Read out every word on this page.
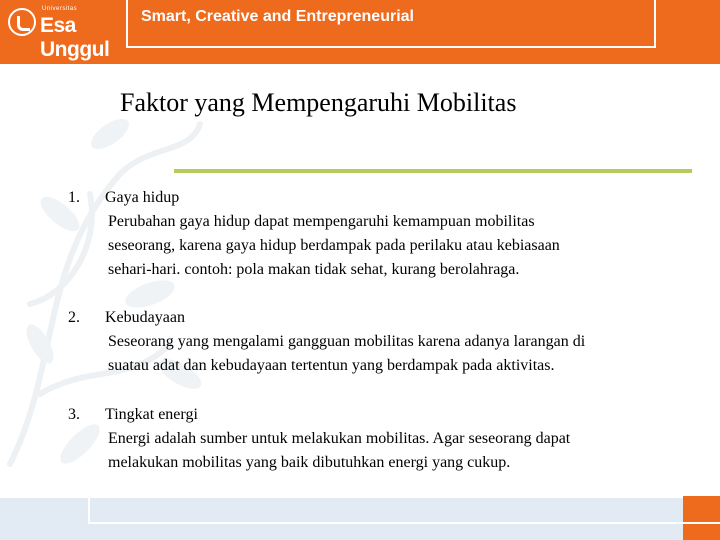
Universitas
Esa Unggul
Smart, Creative and Entrepreneurial
Faktor yang Mempengaruhi Mobilitas
1. Gaya hidup
Perubahan gaya hidup dapat mempengaruhi kemampuan mobilitas
seseorang, karena gaya hidup berdampak pada perilaku atau kebiasaan
sehari-hari. contoh: pola makan tidak sehat, kurang berolahraga.
2. Kebudayaan
Seseorang yang mengalami gangguan mobilitas karena adanya larangan di
suatau adat dan kebudayaan tertentun yang berdampak pada aktivitas.
3. Tingkat energi
Energi adalah sumber untuk melakukan mobilitas. Agar seseorang dapat
melakukan mobilitas yang baik dibutuhkan energi yang cukup.
